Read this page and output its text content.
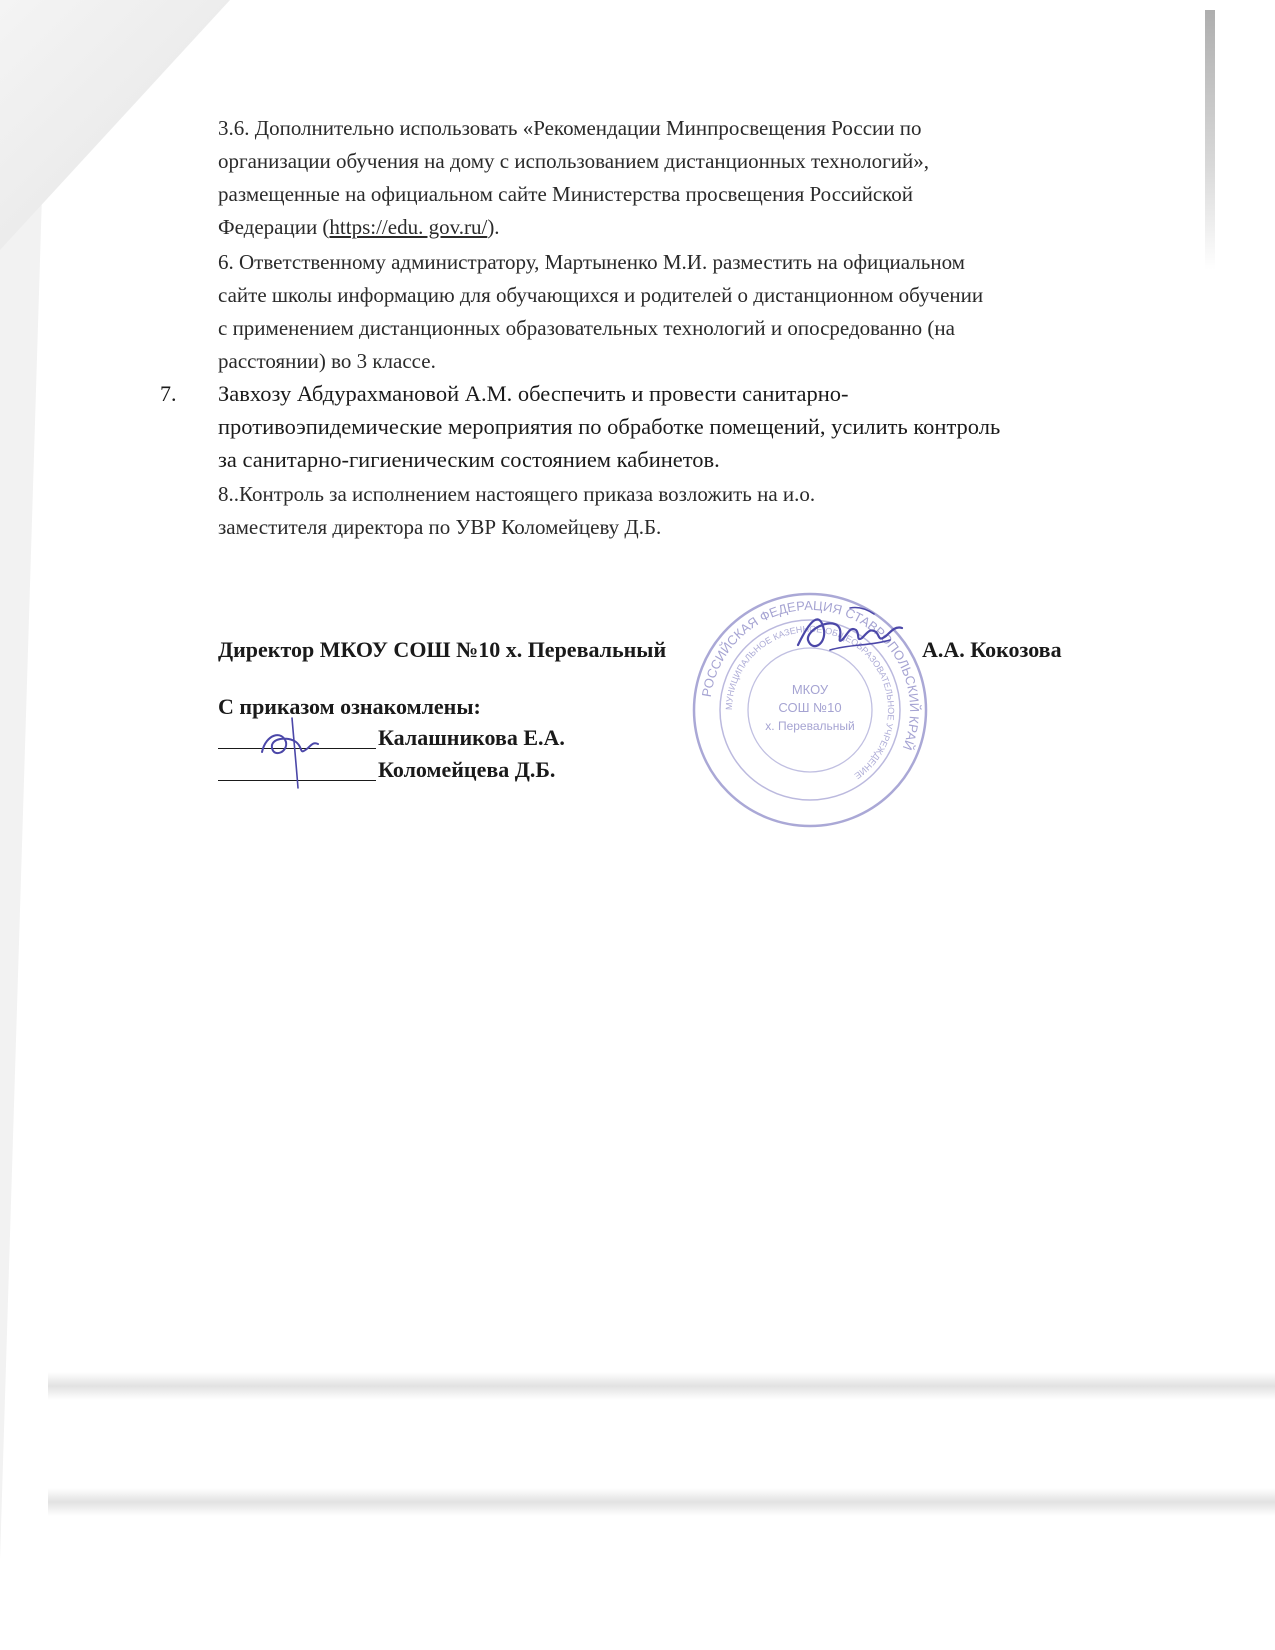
3.6. Дополнительно использовать «Рекомендации Минпросвещения России по
организации обучения на дому с использованием дистанционных технологий»,
размещенные на официальном сайте Министерства просвещения Российской
Федерации (https://edu. gov.ru/).
6. Ответственному администратору, Мартыненко М.И. разместить на официальном
сайте школы информацию для обучающихся и родителей о дистанционном обучении
с применением дистанционных образовательных технологий и опосредованно (на
расстоянии) во 3 классе.
7. Завхозу Абдурахмановой А.М. обеспечить и провести санитарно-
противоэпидемические мероприятия по обработке помещений, усилить контроль
за санитарно-гигиеническим состоянием кабинетов.
8..Контроль за исполнением настоящего приказа возложить на и.о.
заместителя директора по УВР Коломейцеву Д.Б.
РОССИЙСКАЯ ФЕДЕРАЦИЯ СТАВРОПОЛЬСКИЙ КРАЙ
МУНИЦИПАЛЬНОЕ КАЗЕННОЕ ОБЩЕОБРАЗОВАТЕЛЬНОЕ УЧРЕЖДЕНИЕ
МКОУ
СОШ №10
х. Перевальный
Директор МКОУ СОШ №10 х. Перевальный	А.А. Кокозова
С приказом ознакомлены:
Калашникова Е.А.
Коломейцева Д.Б.
